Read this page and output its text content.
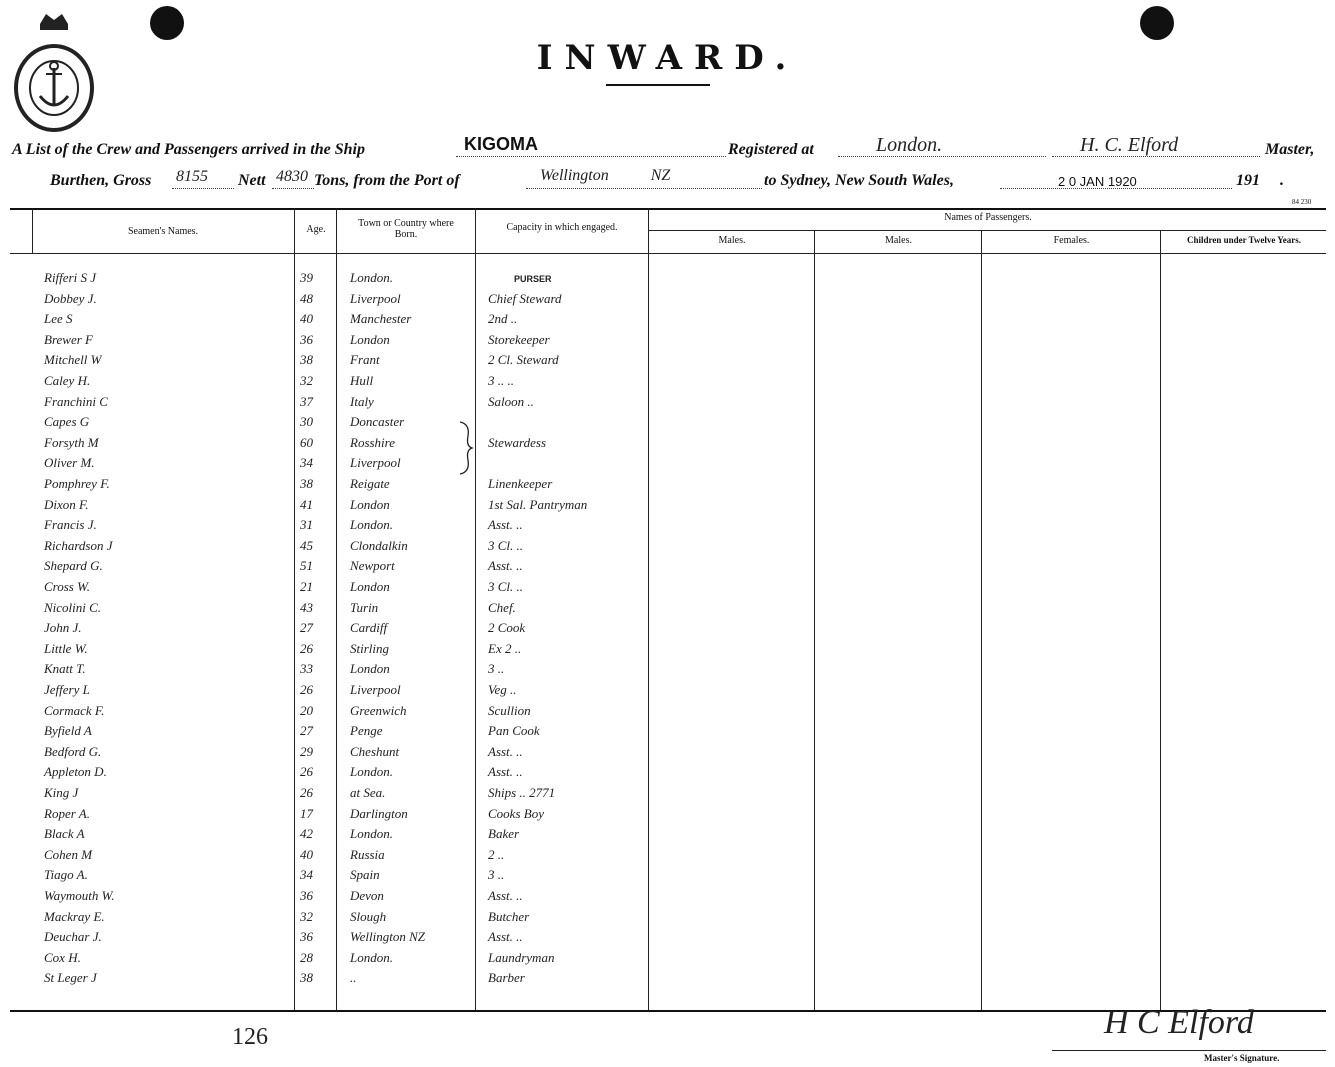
INWARD.
A List of the Crew and Passengers arrived in the Ship	KIGOMA	Registered at	London.	H. C. Elford	Master,
Burthen, Gross 8155 Nett 4830 Tons, from the Port of	Wellington NZ	to Sydney, New South Wales,	2 0 JAN 1920	191 .
84 230
Seamen's Names.	Age.
Town or Country where Born.
Capacity in which engaged.
Names of Passengers.
Males.	Males.	Females.	Children under Twelve Years.
Rifferi S J	39	London.	PURSER
Dobbey J.	48	Liverpool	Chief Steward
Lee S	40	Manchester	2nd ..
Brewer F	36	London	Storekeeper
Mitchell W	38	Frant	2 Cl. Steward
Caley H.	32	Hull	3 .. ..
Franchini C	37	Italy	Saloon ..
Capes G	30	Doncaster
Forsyth M	60	Rosshire	Stewardess
Oliver M.	34	Liverpool
Pomphrey F.	38	Reigate	Linenkeeper
Dixon F.	41	London	1st Sal. Pantryman
Francis J.	31	London.	Asst. ..
Richardson J	45	Clondalkin	3 Cl. ..
Shepard G.	51	Newport	Asst. ..
Cross W.	21	London	3 Cl. ..
Nicolini C.	43	Turin	Chef.
John J.	27	Cardiff	2 Cook
Little W.	26	Stirling	Ex 2 ..
Knatt T.	33	London	3 ..
Jeffery L	26	Liverpool	Veg ..
Cormack F.	20	Greenwich	Scullion
Byfield A	27	Penge	Pan Cook
Bedford G.	29	Cheshunt	Asst. ..
Appleton D.	26	London.	Asst. ..
King J	26	at Sea.	Ships .. 2771
Roper A.	17	Darlington	Cooks Boy
Black A	42	London.	Baker
Cohen M	40	Russia	2 ..
Tiago A.	34	Spain	3 ..
Waymouth W.	36	Devon	Asst. ..
Mackray E.	32	Slough	Butcher
Deuchar J.	36	Wellington NZ	Asst. ..
Cox H.	28	London.	Laundryman
St Leger J	38	..	Barber
126	H C Elford
Master's Signature.
